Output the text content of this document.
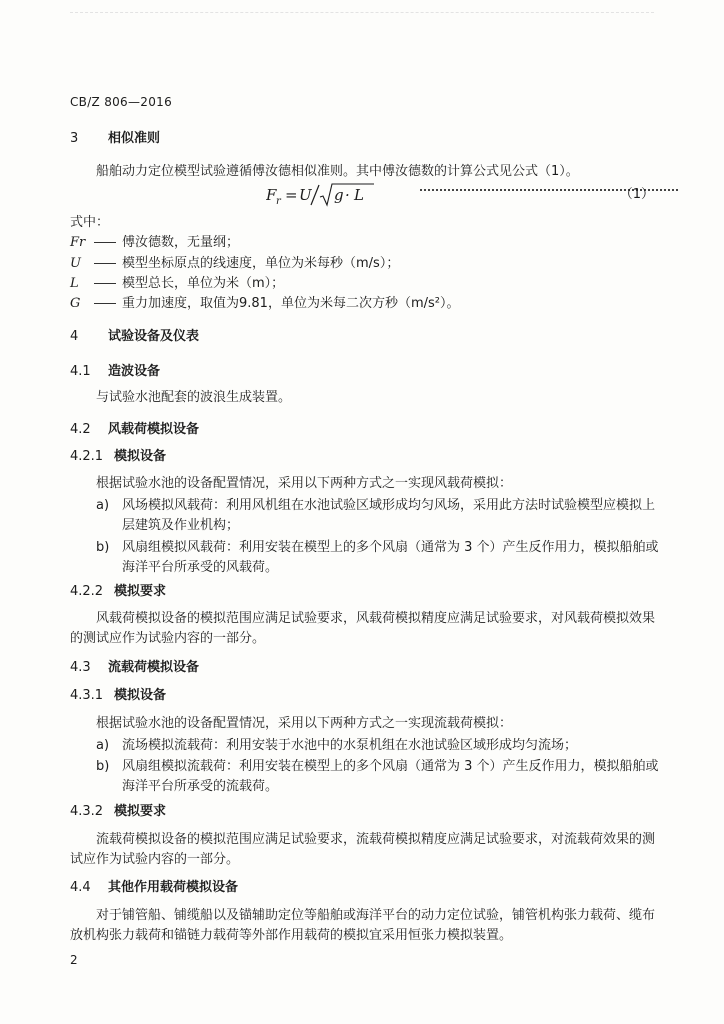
CB/Z 806—2016
3 相似准则
船舶动力定位模型试验遵循傅汝德相似准则。其中傅汝德数的计算公式见公式（1）。
F r = U g · L	（1）
式中：
Fr	傅汝德数，无量纲；
U	模型坐标原点的线速度，单位为米每秒（m/s）；
L	模型总长，单位为米（m）；
G	重力加速度，取值为9.81，单位为米每二次方秒（m/s²）。
4 试验设备及仪表
4.1 造波设备
与试验水池配套的波浪生成装置。
4.2 风载荷模拟设备
4.2.1 模拟设备
根据试验水池的设备配置情况，采用以下两种方式之一实现风载荷模拟：
a) 风场模拟风载荷：利用风机组在水池试验区域形成均匀风场，采用此方法时试验模型应模拟上
层建筑及作业机构；
b) 风扇组模拟风载荷：利用安装在模型上的多个风扇（通常为 3 个）产生反作用力，模拟船舶或
海洋平台所承受的风载荷。
4.2.2 模拟要求
风载荷模拟设备的模拟范围应满足试验要求，风载荷模拟精度应满足试验要求，对风载荷模拟效果
的测试应作为试验内容的一部分。
4.3 流载荷模拟设备
4.3.1 模拟设备
根据试验水池的设备配置情况，采用以下两种方式之一实现流载荷模拟：
a) 流场模拟流载荷：利用安装于水池中的水泵机组在水池试验区域形成均匀流场；
b) 风扇组模拟流载荷：利用安装在模型上的多个风扇（通常为 3 个）产生反作用力，模拟船舶或
海洋平台所承受的流载荷。
4.3.2 模拟要求
流载荷模拟设备的模拟范围应满足试验要求，流载荷模拟精度应满足试验要求，对流载荷效果的测
试应作为试验内容的一部分。
4.4 其他作用载荷模拟设备
对于铺管船、铺缆船以及锚辅助定位等船舶或海洋平台的动力定位试验，铺管机构张力载荷、缆布
放机构张力载荷和锚链力载荷等外部作用载荷的模拟宜采用恒张力模拟装置。
2
